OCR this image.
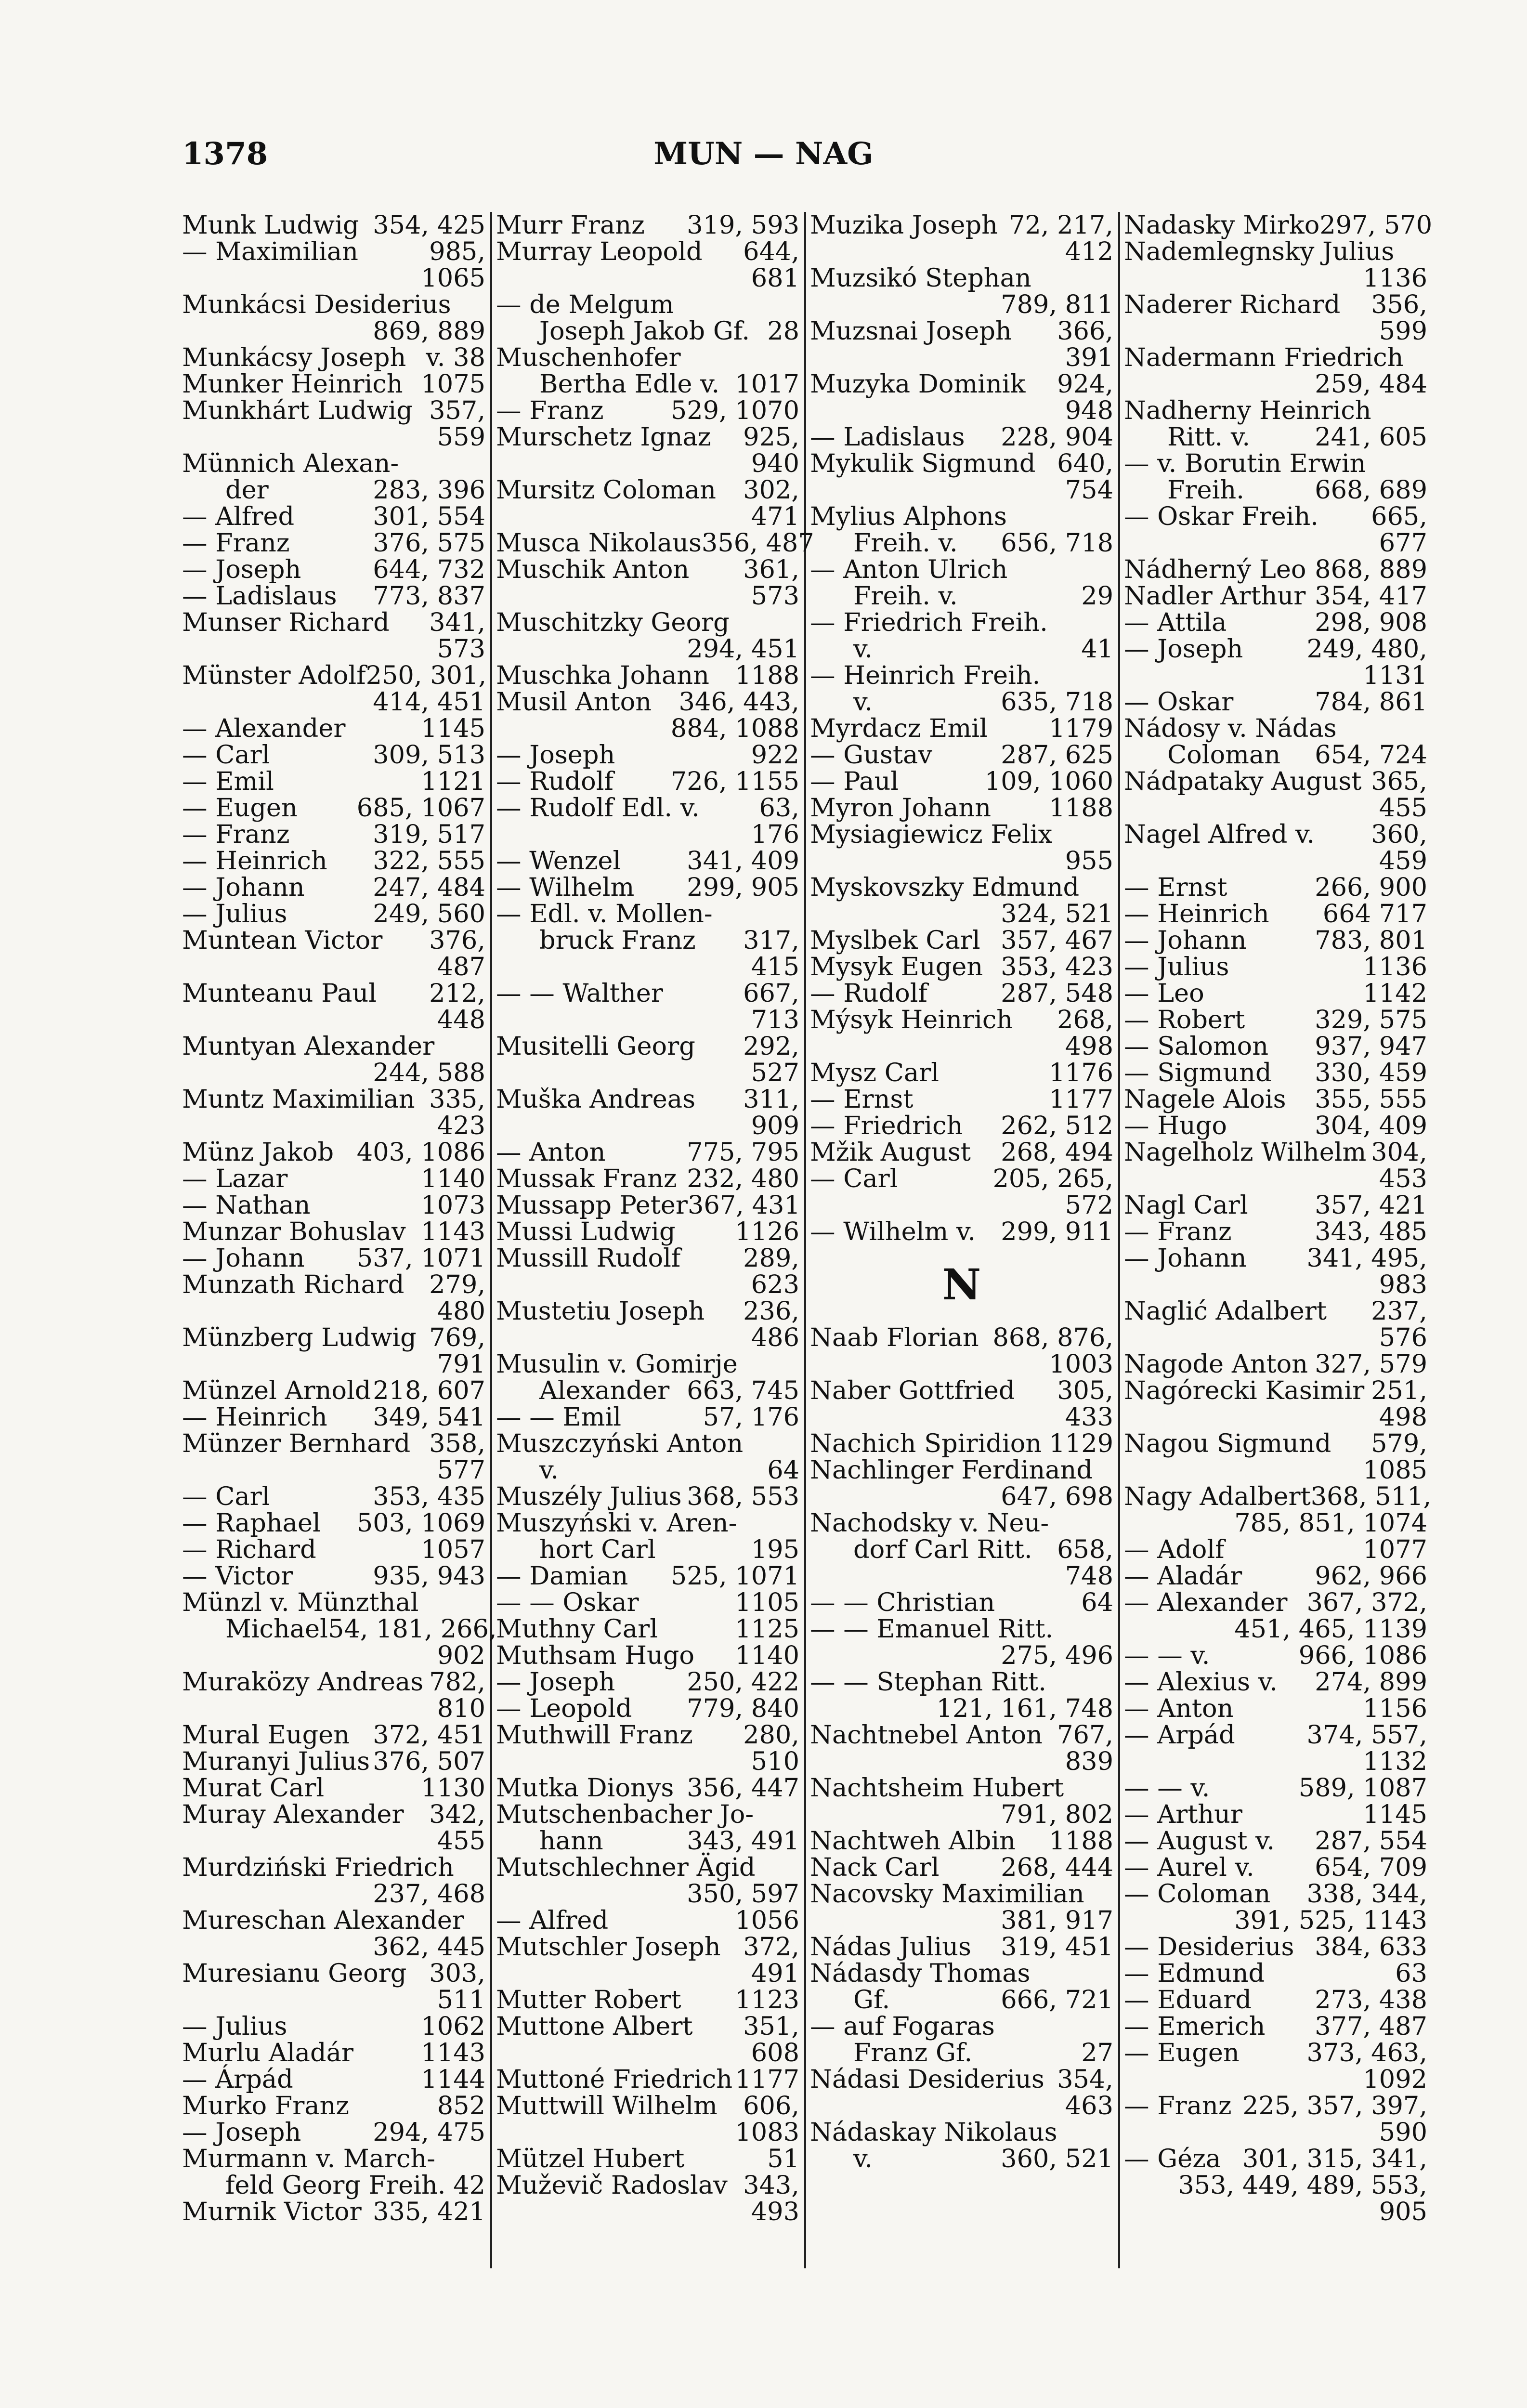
1378	MUN — NAG
Munk Ludwig 354, 425
— Maximilian	985,
1065
Munkácsi Desiderius
869, 889
Munkácsy Joseph v. 38
Munker Heinrich 1075
Munkhárt Ludwig 357,
559
Münnich Alexan-
der	283, 396
— Alfred	301, 554
— Franz	376, 575
— Joseph	644, 732
— Ladislaus 773, 837
Munser Richard 341,
573
Münster Adolf 250, 301,
414, 451
— Alexander	1145
— Carl	309, 513
— Emil	1121
— Eugen 685, 1067
— Franz	319, 517
— Heinrich 322, 555
— Johann	247, 484
— Julius	249, 560
Muntean Victor 376,
487
Munteanu Paul 212,
448
Muntyan Alexander
244, 588
Muntz Maximilian 335,
423
Münz Jakob 403, 1086
— Lazar	1140
— Nathan	1073
Munzar Bohuslav 1143
— Johann 537, 1071
Munzath Richard 279,
480
Münzberg Ludwig 769,
791
Münzel Arnold 218, 607
— Heinrich 349, 541
Münzer Bernhard 358,
577
— Carl	353, 435
— Raphael 503, 1069
— Richard	1057
— Victor	935, 943
Münzl v. Münzthal
Michael 54, 181, 266,
902
Muraközy Andreas 782,
810
Mural Eugen 372, 451
Muranyi Julius 376, 507
Murat Carl	1130
Muray Alexander 342,
455
Murdziński Friedrich
237, 468
Mureschan Alexander
362, 445
Muresianu Georg 303,
511
— Julius	1062
Murlu Aladár	1143
— Árpád	1144
Murko Franz	852
— Joseph	294, 475
Murmann v. March-
feld Georg Freih. 42
Murnik Victor 335, 421
Murr Franz 319, 593
Murray Leopold 644,
681
— de Melgum
Joseph Jakob Gf. 28
Muschenhofer
Bertha Edle v. 1017
— Franz	529, 1070
Murschetz Ignaz 925,
940
Mursitz Coloman 302,
471
Musca Nikolaus 356, 487
Muschik Anton 361,
573
Muschitzky Georg
294, 451
Muschka Johann 1188
Musil Anton 346, 443,
884, 1088
— Joseph	922
— Rudolf 726, 1155
— Rudolf Edl. v. 63,
176
— Wenzel	341, 409
— Wilhelm 299, 905
— Edl. v. Mollen-
bruck Franz 317,
415
— — Walther	667,
713
Musitelli Georg 292,
527
Muška Andreas 311,
909
— Anton	775, 795
Mussak Franz 232, 480
Mussapp Peter 367, 431
Mussi Ludwig 1126
Mussill Rudolf 289,
623
Mustetiu Joseph 236,
486
Musulin v. Gomirje
Alexander 663, 745
— — Emil	57, 176
Muszczyński Anton
v.	64
Muszély Julius 368, 553
Muszyński v. Aren-
hort Carl	195
— Damian 525, 1071
— — Oskar	1105
Muthny Carl	1125
Muthsam Hugo 1140
— Joseph	250, 422
— Leopold 779, 840
Muthwill Franz 280,
510
Mutka Dionys 356, 447
Mutschenbacher Jo-
hann	343, 491
Mutschlechner Ägid
350, 597
— Alfred	1056
Mutschler Joseph 372,
491
Mutter Robert 1123
Muttone Albert 351,
608
Muttoné Friedrich 1177
Muttwill Wilhelm 606,
1083
Mützel Hubert	51
Muževič Radoslav 343,
493
Muzika Joseph 72, 217,
412
Muzsikó Stephan
789, 811
Muzsnai Joseph 366,
391
Muzyka Dominik 924,
948
— Ladislaus 228, 904
Mykulik Sigmund 640,
754
Mylius Alphons
Freih. v. 656, 718
— Anton Ulrich
Freih. v.	29
— Friedrich Freih.
v.	41
— Heinrich Freih.
v.	635, 718
Myrdacz Emil 1179
— Gustav	287, 625
— Paul	109, 1060
Myron Johann 1188
Mysiagiewicz Felix
955
Myskovszky Edmund
324, 521
Myslbek Carl 357, 467
Mysyk Eugen 353, 423
— Rudolf	287, 548
Mýsyk Heinrich 268,
498
Mysz Carl	1176
— Ernst	1177
— Friedrich 262, 512
Mžik August 268, 494
— Carl	205, 265,
572
— Wilhelm v. 299, 911
N
Naab Florian 868, 876,
1003
Naber Gottfried 305,
433
Nachich Spiridion 1129
Nachlinger Ferdinand
647, 698
Nachodsky v. Neu-
dorf Carl Ritt. 658,
748
— — Christian	64
— — Emanuel Ritt.
275, 496
— — Stephan Ritt.
121, 161, 748
Nachtnebel Anton 767,
839
Nachtsheim Hubert
791, 802
Nachtweh Albin 1188
Nack Carl 268, 444
Nacovsky Maximilian
381, 917
Nádas Julius 319, 451
Nádasdy Thomas
Gf.	666, 721
— auf Fogaras
Franz Gf.	27
Nádasi Desiderius 354,
463
Nádaskay Nikolaus
v.	360, 521
Nadasky Mirko 297, 570
Nademlegnsky Julius
1136
Naderer Richard 356,
599
Nadermann Friedrich
259, 484
Nadherny Heinrich
Ritt. v.	241, 605
— v. Borutin Erwin
Freih.	668, 689
— Oskar Freih. 665,
677
Nádherný Leo 868, 889
Nadler Arthur 354, 417
— Attila	298, 908
— Joseph	249, 480,
1131
— Oskar	784, 861
Nádosy v. Nádas
Coloman 654, 724
Nádpataky August 365,
455
Nagel Alfred v. 360,
459
— Ernst	266, 900
— Heinrich 664 717
— Johann	783, 801
— Julius	1136
— Leo	1142
— Robert	329, 575
— Salomon 937, 947
— Sigmund 330, 459
Nagele Alois 355, 555
— Hugo	304, 409
Nagelholz Wilhelm 304,
453
Nagl Carl	357, 421
— Franz	343, 485
— Johann 341, 495,
983
Naglić Adalbert 237,
576
Nagode Anton 327, 579
Nagórecki Kasimir 251,
498
Nagou Sigmund 579,
1085
Nagy Adalbert 368, 511,
785, 851, 1074
— Adolf	1077
— Aladár	962, 966
— Alexander 367, 372,
451, 465, 1139
— — v.	966, 1086
— Alexius v. 274, 899
— Anton	1156
— Arpád	374, 557,
1132
— — v.	589, 1087
— Arthur	1145
— August v. 287, 554
— Aurel v. 654, 709
— Coloman 338, 344,
391, 525, 1143
— Desiderius 384, 633
— Edmund	63
— Eduard	273, 438
— Emerich 377, 487
— Eugen	373, 463,
1092
— Franz 225, 357, 397,
590
— Géza 301, 315, 341,
353, 449, 489, 553,
905
